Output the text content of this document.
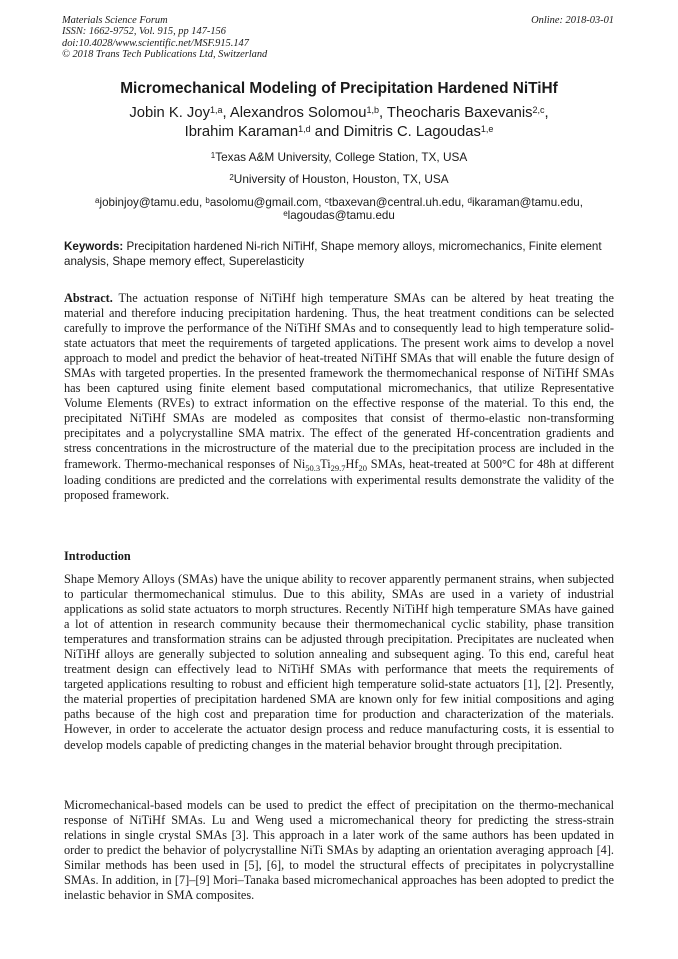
Materials Science Forum
ISSN: 1662-9752, Vol. 915, pp 147-156
doi:10.4028/www.scientific.net/MSF.915.147
© 2018 Trans Tech Publications Ltd, Switzerland
Online: 2018-03-01
Micromechanical Modeling of Precipitation Hardened NiTiHf
Jobin K. Joy$^{1,a}$, Alexandros Solomou$^{1,b}$, Theocharis Baxevanis$^{2,c}$,
Ibrahim Karaman$^{1,d}$ and Dimitris C. Lagoudas$^{1,e}$
$^1$Texas A&M University, College Station, TX, USA
$^2$University of Houston, Houston, TX, USA
$^a$jobinjoy@tamu.edu, $^b$asolomu@gmail.com, $^c$tbaxevan@central.uh.edu, $^d$ikaraman@tamu.edu,
$^e$lagoudas@tamu.edu
Keywords: Precipitation hardened Ni-rich NiTiHf, Shape memory alloys, micromechanics, Finite element analysis, Shape memory effect, Superelasticity
Abstract. The actuation response of NiTiHf high temperature SMAs can be altered by heat treating the material and therefore inducing precipitation hardening. Thus, the heat treatment conditions can be selected carefully to improve the performance of the NiTiHf SMAs and to consequently lead to high temperature solid-state actuators that meet the requirements of targeted applications. The present work aims to develop a novel approach to model and predict the behavior of heat-treated NiTiHf SMAs that will enable the future design of SMAs with targeted properties. In the presented framework the thermomechanical response of NiTiHf SMAs has been captured using finite element based computational micromechanics, that utilize Representative Volume Elements (RVEs) to extract information on the effective response of the material. To this end, the precipitated NiTiHf SMAs are modeled as composites that consist of thermo-elastic non-transforming precipitates and a polycrystalline SMA matrix. The effect of the generated Hf-concentration gradients and stress concentrations in the microstructure of the material due to the precipitation process are included in the framework. Thermo-mechanical responses of $Ni_{50.3}Ti_{29.7}Hf_{20}$ SMAs, heat-treated at 500°C for 48h at different loading conditions are predicted and the correlations with experimental results demonstrate the validity of the proposed framework.
Introduction
Shape Memory Alloys (SMAs) have the unique ability to recover apparently permanent strains, when subjected to particular thermomechanical stimulus. Due to this ability, SMAs are used in a variety of industrial applications as solid state actuators to morph structures. Recently NiTiHf high temperature SMAs have gained a lot of attention in research community because their thermomechanical cyclic stability, phase transition temperatures and transformation strains can be adjusted through precipitation. Precipitates are nucleated when NiTiHf alloys are generally subjected to solution annealing and subsequent aging. To this end, careful heat treatment design can effectively lead to NiTiHf SMAs with performance that meets the requirements of targeted applications resulting to robust and efficient high temperature solid-state actuators [1], [2]. Presently, the material properties of precipitation hardened SMA are known only for few initial compositions and aging paths because of the high cost and preparation time for production and characterization of the materials. However, in order to accelerate the actuator design process and reduce manufacturing costs, it is essential to develop models capable of predicting changes in the material behavior brought through precipitation.
Micromechanical-based models can be used to predict the effect of precipitation on the thermo-mechanical response of NiTiHf SMAs. Lu and Weng used a micromechanical theory for predicting the stress-strain relations in single crystal SMAs [3]. This approach in a later work of the same authors has been updated in order to predict the behavior of polycrystalline NiTi SMAs by adapting an orientation averaging approach [4]. Similar methods has been used in [5], [6], to model the structural effects of precipitates in polycrystalline SMAs. In addition, in [7]–[9] Mori–Tanaka based micromechanical approaches has been adopted to predict the inelastic behavior in SMA composites.
